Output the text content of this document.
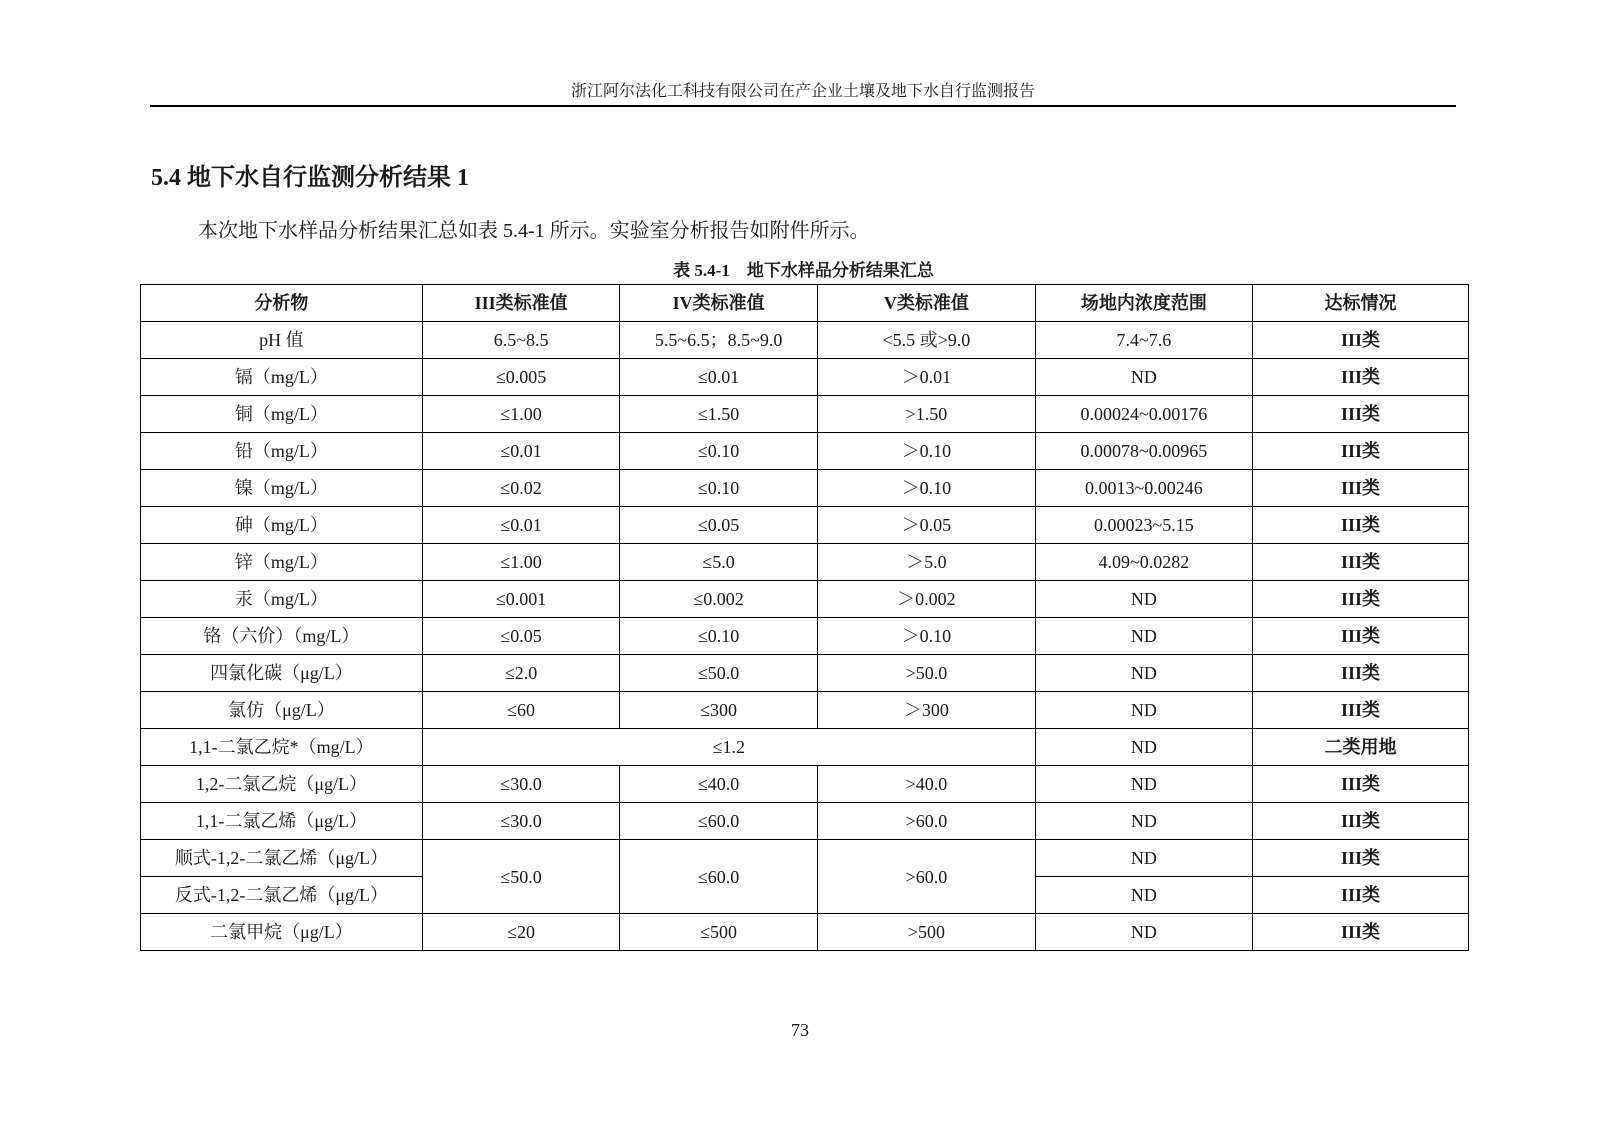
浙江阿尔法化工科技有限公司在产企业土壤及地下水自行监测报告
5.4 地下水自行监测分析结果 1
本次地下水样品分析结果汇总如表 5.4-1 所示。实验室分析报告如附件所示。
表 5.4-1　地下水样品分析结果汇总
分析物	III类标准值	IV类标准值	V类标准值	场地内浓度范围	达标情况
pH 值	6.5~8.5	5.5~6.5；8.5~9.0	<5.5 或>9.0	7.4~7.6	III类
镉（mg/L）	≤0.005	≤0.01	＞0.01	ND	III类
铜（mg/L）	≤1.00	≤1.50	>1.50	0.00024~0.00176	III类
铅（mg/L）	≤0.01	≤0.10	＞0.10	0.00078~0.00965	III类
镍（mg/L）	≤0.02	≤0.10	＞0.10	0.0013~0.00246	III类
砷（mg/L）	≤0.01	≤0.05	＞0.05	0.00023~5.15	III类
锌（mg/L）	≤1.00	≤5.0	＞5.0	4.09~0.0282	III类
汞（mg/L）	≤0.001	≤0.002	＞0.002	ND	III类
铬（六价）（mg/L）	≤0.05	≤0.10	＞0.10	ND	III类
四氯化碳（μg/L）	≤2.0	≤50.0	>50.0	ND	III类
氯仿（μg/L）	≤60	≤300	＞300	ND	III类
1,1-二氯乙烷*（mg/L）	≤1.2			ND	二类用地
1,2-二氯乙烷（μg/L）	≤30.0	≤40.0	>40.0	ND	III类
1,1-二氯乙烯（μg/L）	≤30.0	≤60.0	>60.0	ND	III类
顺式-1,2-二氯乙烯（μg/L）	≤50.0	≤60.0	>60.0	ND	III类
反式-1,2-二氯乙烯（μg/L）				ND	III类
二氯甲烷（μg/L）	≤20	≤500	>500	ND	III类
73
